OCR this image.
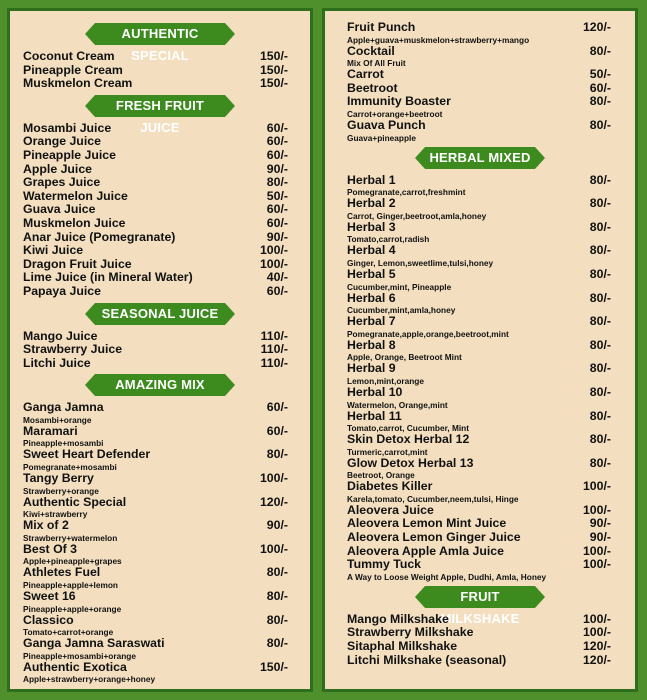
AUTHENTIC SPECIAL
Coconut Cream	150/-
Pineapple Cream	150/-
Muskmelon Cream	150/-
FRESH FRUIT JUICE
Mosambi Juice	60/-
Orange Juice	60/-
Pineapple Juice	60/-
Apple Juice	90/-
Grapes Juice	80/-
Watermelon Juice	50/-
Guava Juice	60/-
Muskmelon Juice	60/-
Anar Juice (Pomegranate)	90/-
Kiwi Juice	100/-
Dragon Fruit Juice	100/-
Lime Juice (in Mineral Water)	40/-
Papaya Juice	60/-
SEASONAL JUICE
Mango Juice	110/-
Strawberry Juice	110/-
Litchi Juice	110/-
AMAZING MIX
Ganga Jamna	60/-
Mosambi+orange
Maramari	60/-
Pineapple+mosambi
Sweet Heart Defender	80/-
Pomegranate+mosambi
Tangy Berry	100/-
Strawberry+orange
Authentic Special	120/-
Kiwi+strawberry
Mix of 2	90/-
Strawberry+watermelon
Best Of 3	100/-
Apple+pineapple+grapes
Athletes Fuel	80/-
Pineapple+apple+lemon
Sweet 16	80/-
Pineapple+apple+orange
Classico	80/-
Tomato+carrot+orange
Ganga Jamna Saraswati	80/-
Pineapple+mosambi+orange
Authentic Exotica	150/-
Apple+strawberry+orange+honey
Fruit Punch	120/-
Apple+guava+muskmelon+strawberry+mango
Cocktail	80/-
Mix Of All Fruit
Carrot	50/-
Beetroot	60/-
Immunity Boaster	80/-
Carrot+orange+beetroot
Guava Punch	80/-
Guava+pineapple
HERBAL MIXED
Herbal 1	80/-
Pomegranate,carrot,freshmint
Herbal 2	80/-
Carrot, Ginger,beetroot,amla,honey
Herbal 3	80/-
Tomato,carrot,radish
Herbal 4	80/-
Ginger, Lemon,sweetlime,tulsi,honey
Herbal 5	80/-
Cucumber,mint, Pineapple
Herbal 6	80/-
Cucumber,mint,amla,honey
Herbal 7	80/-
Pomegranate,apple,orange,beetroot,mint
Herbal 8	80/-
Apple, Orange, Beetroot Mint
Herbal 9	80/-
Lemon,mint,orange
Herbal 10	80/-
Watermelon, Orange,mint
Herbal 11	80/-
Tomato,carrot, Cucumber, Mint
Skin Detox Herbal 12	80/-
Turmeric,carrot,mint
Glow Detox Herbal 13	80/-
Beetroot, Orange
Diabetes Killer	100/-
Karela,tomato, Cucumber,neem,tulsi, Hinge
Aleovera Juice	100/-
Aleovera Lemon Mint Juice	90/-
Aleovera Lemon Ginger Juice	90/-
Aleovera Apple Amla Juice	100/-
Tummy Tuck	100/-
A Way to Loose Weight Apple, Dudhi, Amla, Honey
FRUIT MILKSHAKE
Mango Milkshake	100/-
Strawberry Milkshake	100/-
Sitaphal Milkshake	120/-
Litchi Milkshake (seasonal)	120/-
